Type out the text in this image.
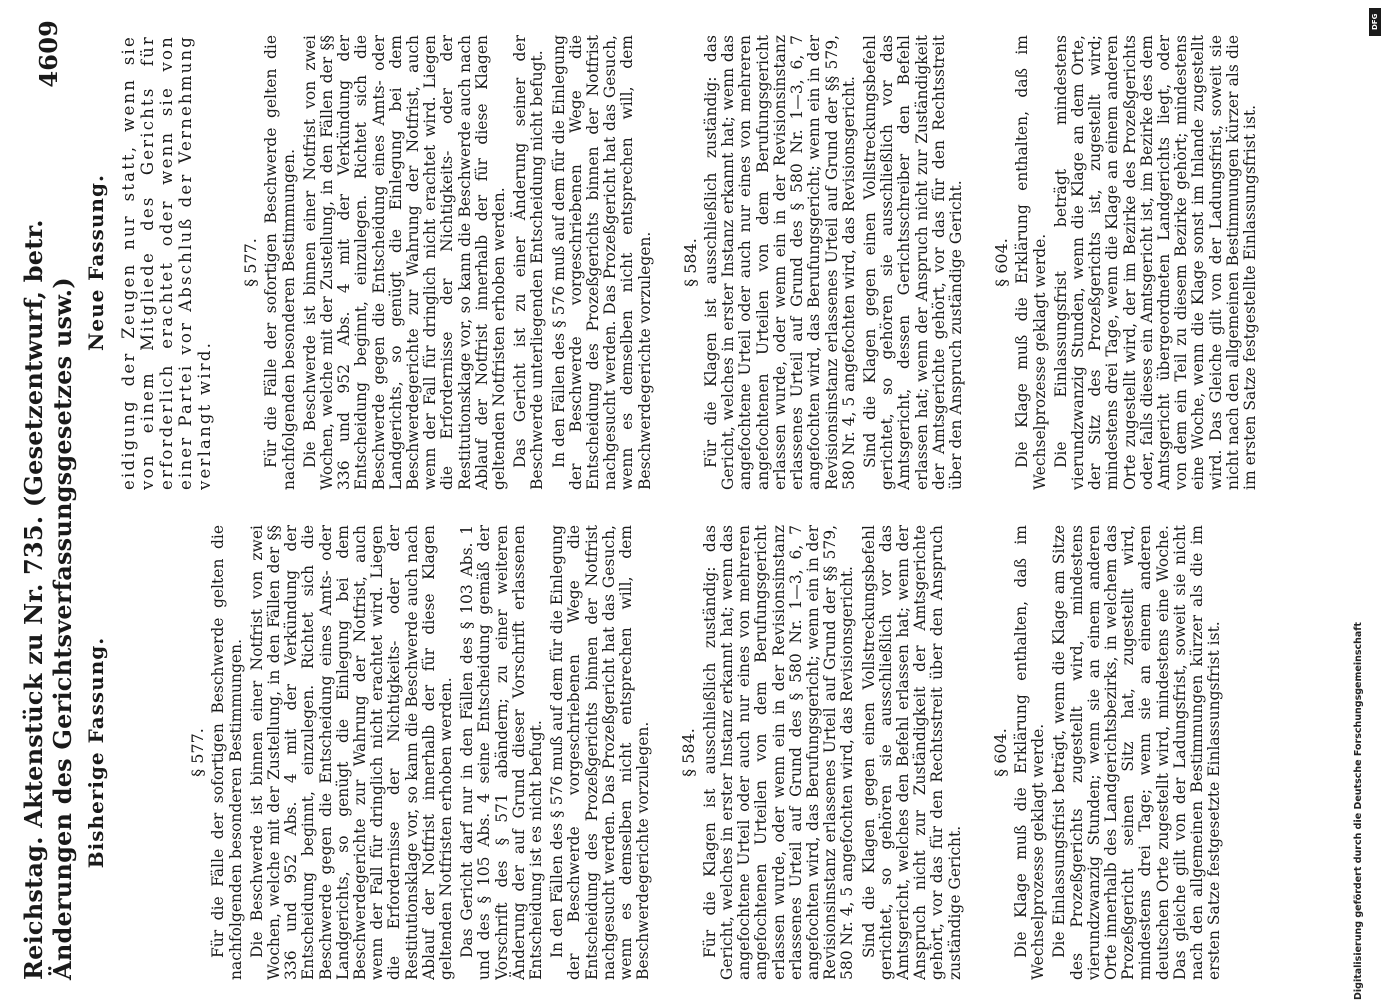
Reichstag. Aktenstück zu Nr. 735. (Gesetzentwurf, betr. Änderungen des Gerichtsverfassungsgesetzes usw.)
4609
Bisherige Fassung.	§ 577. Für die Fälle der sofortigen Beschwerde gelten die nachfolgenden besonderen Bestimmungen. Die Beschwerde ist binnen einer Notfrist von zwei Wochen, welche mit der Zustellung, in den Fällen der §§ 336 und 952 Abs. 4 mit der Verkündung der Entscheidung beginnt, einzulegen. Richtet sich die Beschwerde gegen die Entscheidung eines Amts- oder Landgerichts, so genügt die Einlegung bei dem Beschwerdegerichte zur Wahrung der Notfrist, auch wenn der Fall für dringlich nicht erachtet wird. Liegen die Erfordernisse der Nichtigkeits- oder der Restitutionsklage vor, so kann die Beschwerde auch nach Ablauf der Notfrist innerhalb der für diese Klagen geltenden Notfristen erhoben werden. Das Gericht darf nur in den Fällen des § 103 Abs. 1 und des § 105 Abs. 4 seine Entscheidung gemäß der Vorschrift des § 571 abändern; zu einer weiteren Änderung der auf Grund dieser Vorschrift erlassenen Entscheidung ist es nicht befugt. In den Fällen des § 576 muß auf dem für die Einlegung der Beschwerde vorgeschriebenen Wege die Entscheidung des Prozeßgerichts binnen der Notfrist nachgesucht werden. Das Prozeßgericht hat das Gesuch, wenn es demselben nicht entsprechen will, dem Beschwerdegerichte vorzulegen. § 584. Für die Klagen ist ausschließlich zuständig: das Gericht, welches in erster Instanz erkannt hat; wenn das angefochtene Urteil oder auch nur eines von mehreren angefochtenen Urteilen von dem Berufungsgericht erlassen wurde, oder wenn ein in der Revisionsinstanz erlassenes Urteil auf Grund des § 580 Nr. 1—3, 6, 7 angefochten wird, das Berufungsgericht; wenn ein in der Revisionsinstanz erlassenes Urteil auf Grund der §§ 579, 580 Nr. 4, 5 angefochten wird, das Revisionsgericht. Sind die Klagen gegen einen Vollstreckungsbefehl gerichtet, so gehören sie ausschließlich vor das Amtsgericht, welches den Befehl erlassen hat; wenn der Anspruch nicht zur Zuständigkeit der Amtsgerichte gehört, vor das für den Rechtsstreit über den Anspruch zuständige Gericht.

§ 604. Die Klage muß die Erklärung enthalten, daß im Wechselprozesse geklagt werde. Die Einlassungsfrist beträgt, wenn die Klage am Sitze des Prozeßgerichts zugestellt wird, mindestens vierundzwanzig Stunden; wenn sie an einem anderen Orte innerhalb des Landgerichtsbezirks, in welchem das Prozeßgericht seinen Sitz hat, zugestellt wird, mindestens drei Tage; wenn sie an einem anderen deutschen Orte zugestellt wird, mindestens eine Woche. Das gleiche gilt von der Ladungsfrist, soweit sie nicht nach den allgemeinen Bestimmungen kürzer als die im ersten Satze festgesetzte Einlassungsfrist ist.

Neue Fassung. eidigung der Zeugen nur statt, wenn sie von einem Mitgliede des Gerichts für erforderlich erachtet oder wenn sie von einer Partei vor Abschluß der Vernehmung verlangt wird.

§ 577. Für die Fälle der sofortigen Beschwerde gelten die nachfolgenden besonderen Bestimmungen. Die Beschwerde ist binnen einer Notfrist von zwei Wochen, welche mit der Zustellung, in den Fällen der §§ 336 und 952 Abs. 4 mit der Verkündung der Entscheidung beginnt, einzulegen. Richtet sich die Beschwerde gegen die Entscheidung eines Amts- oder Landgerichts, so genügt die Einlegung bei dem Beschwerdegerichte zur Wahrung der Notfrist, auch wenn der Fall für dringlich nicht erachtet wird. Liegen die Erfordernisse der Nichtigkeits- oder der Restitutionsklage vor, so kann die Beschwerde auch nach Ablauf der Notfrist innerhalb der für diese Klagen geltenden Notfristen erhoben werden. Das Gericht ist zu einer Änderung seiner der Beschwerde unterliegenden Entscheidung nicht befugt. In den Fällen des § 576 muß auf dem für die Einlegung der Beschwerde vorgeschriebenen Wege die Entscheidung des Prozeßgerichts binnen der Notfrist nachgesucht werden. Das Prozeßgericht hat das Gesuch, wenn es demselben nicht entsprechen will, dem Beschwerdegerichte vorzulegen. § 584. Für die Klagen ist ausschließlich zuständig: das Gericht, welches in erster Instanz erkannt hat; wenn das angefochtene Urteil oder auch nur eines von mehreren angefochtenen Urteilen von dem Berufungsgericht erlassen wurde, oder wenn ein in der Revisionsinstanz erlassenes Urteil auf Grund des § 580 Nr. 1—3, 6, 7 angefochten wird, das Berufungsgericht; wenn ein in der Revisionsinstanz erlassenes Urteil auf Grund der §§ 579, 580 Nr. 4, 5 angefochten wird, das Revisionsgericht. Sind die Klagen gegen einen Vollstreckungsbefehl gerichtet, so gehören sie ausschließlich vor das Amtsgericht, dessen Gerichtsschreiber den Befehl erlassen hat; wenn der Anspruch nicht zur Zuständigkeit der Amtsgerichte gehört, vor das für den Rechtsstreit über den Anspruch zuständige Gericht. § 604. Die Klage muß die Erklärung enthalten, daß im Wechselprozesse geklagt werde. Die Einlassungsfrist beträgt mindestens vierundzwanzig Stunden, wenn die Klage an dem Orte, der Sitz des Prozeßgerichts ist, zugestellt wird; mindestens drei Tage, wenn die Klage an einem anderen Orte zugestellt wird, der im Bezirke des Prozeßgerichts oder, falls dieses ein Amtsgericht ist, im Bezirke des dem Amtsgericht übergeordneten Landgerichts liegt, oder von dem ein Teil zu diesem Bezirke gehört; mindestens eine Woche, wenn die Klage sonst im Inlande zugestellt wird. Das Gleiche gilt von der Ladungsfrist, soweit sie nicht nach den allgemeinen Bestimmungen kürzer als die im ersten Satze festgestellte Einlassungsfrist ist.

Digitalisierung gefördert durch die Deutsche Forschungsgemeinschaft
DFG
